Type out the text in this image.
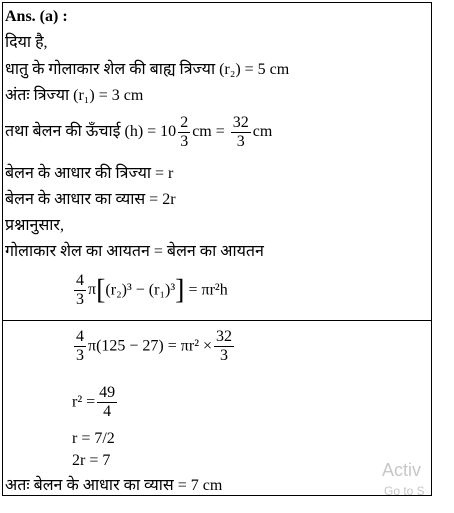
Ans. (a) :
दिया है,
धातु के गोलाकार शेल की बाह्य त्रिज्या (r₂) = 5 cm
अंतः त्रिज्या (r₁) = 3 cm
तथा बेलन की ऊँचाई $(h) = 10 \frac{2}{3}$ cm = $\frac{32}{3}$ cm
बेलन के आधार की त्रिज्या = r
बेलन के आधार का व्यास = 2r
प्रश्नानुसार,
गोलाकार शेल का आयतन = बेलन का आयतन
$\frac{4}{3} \pi[(r_2)^3 - (r_1)^3] = \pi r^2h$
$\frac{4}{3} \pi(125 - 27) = \pi r^2 \times \frac{32}{3}$
$r^2 = \frac{49}{4}$
r = 7/2
2r = 7
अतः बेलन के आधार का व्यास = 7 cm
Activ
Go to S
